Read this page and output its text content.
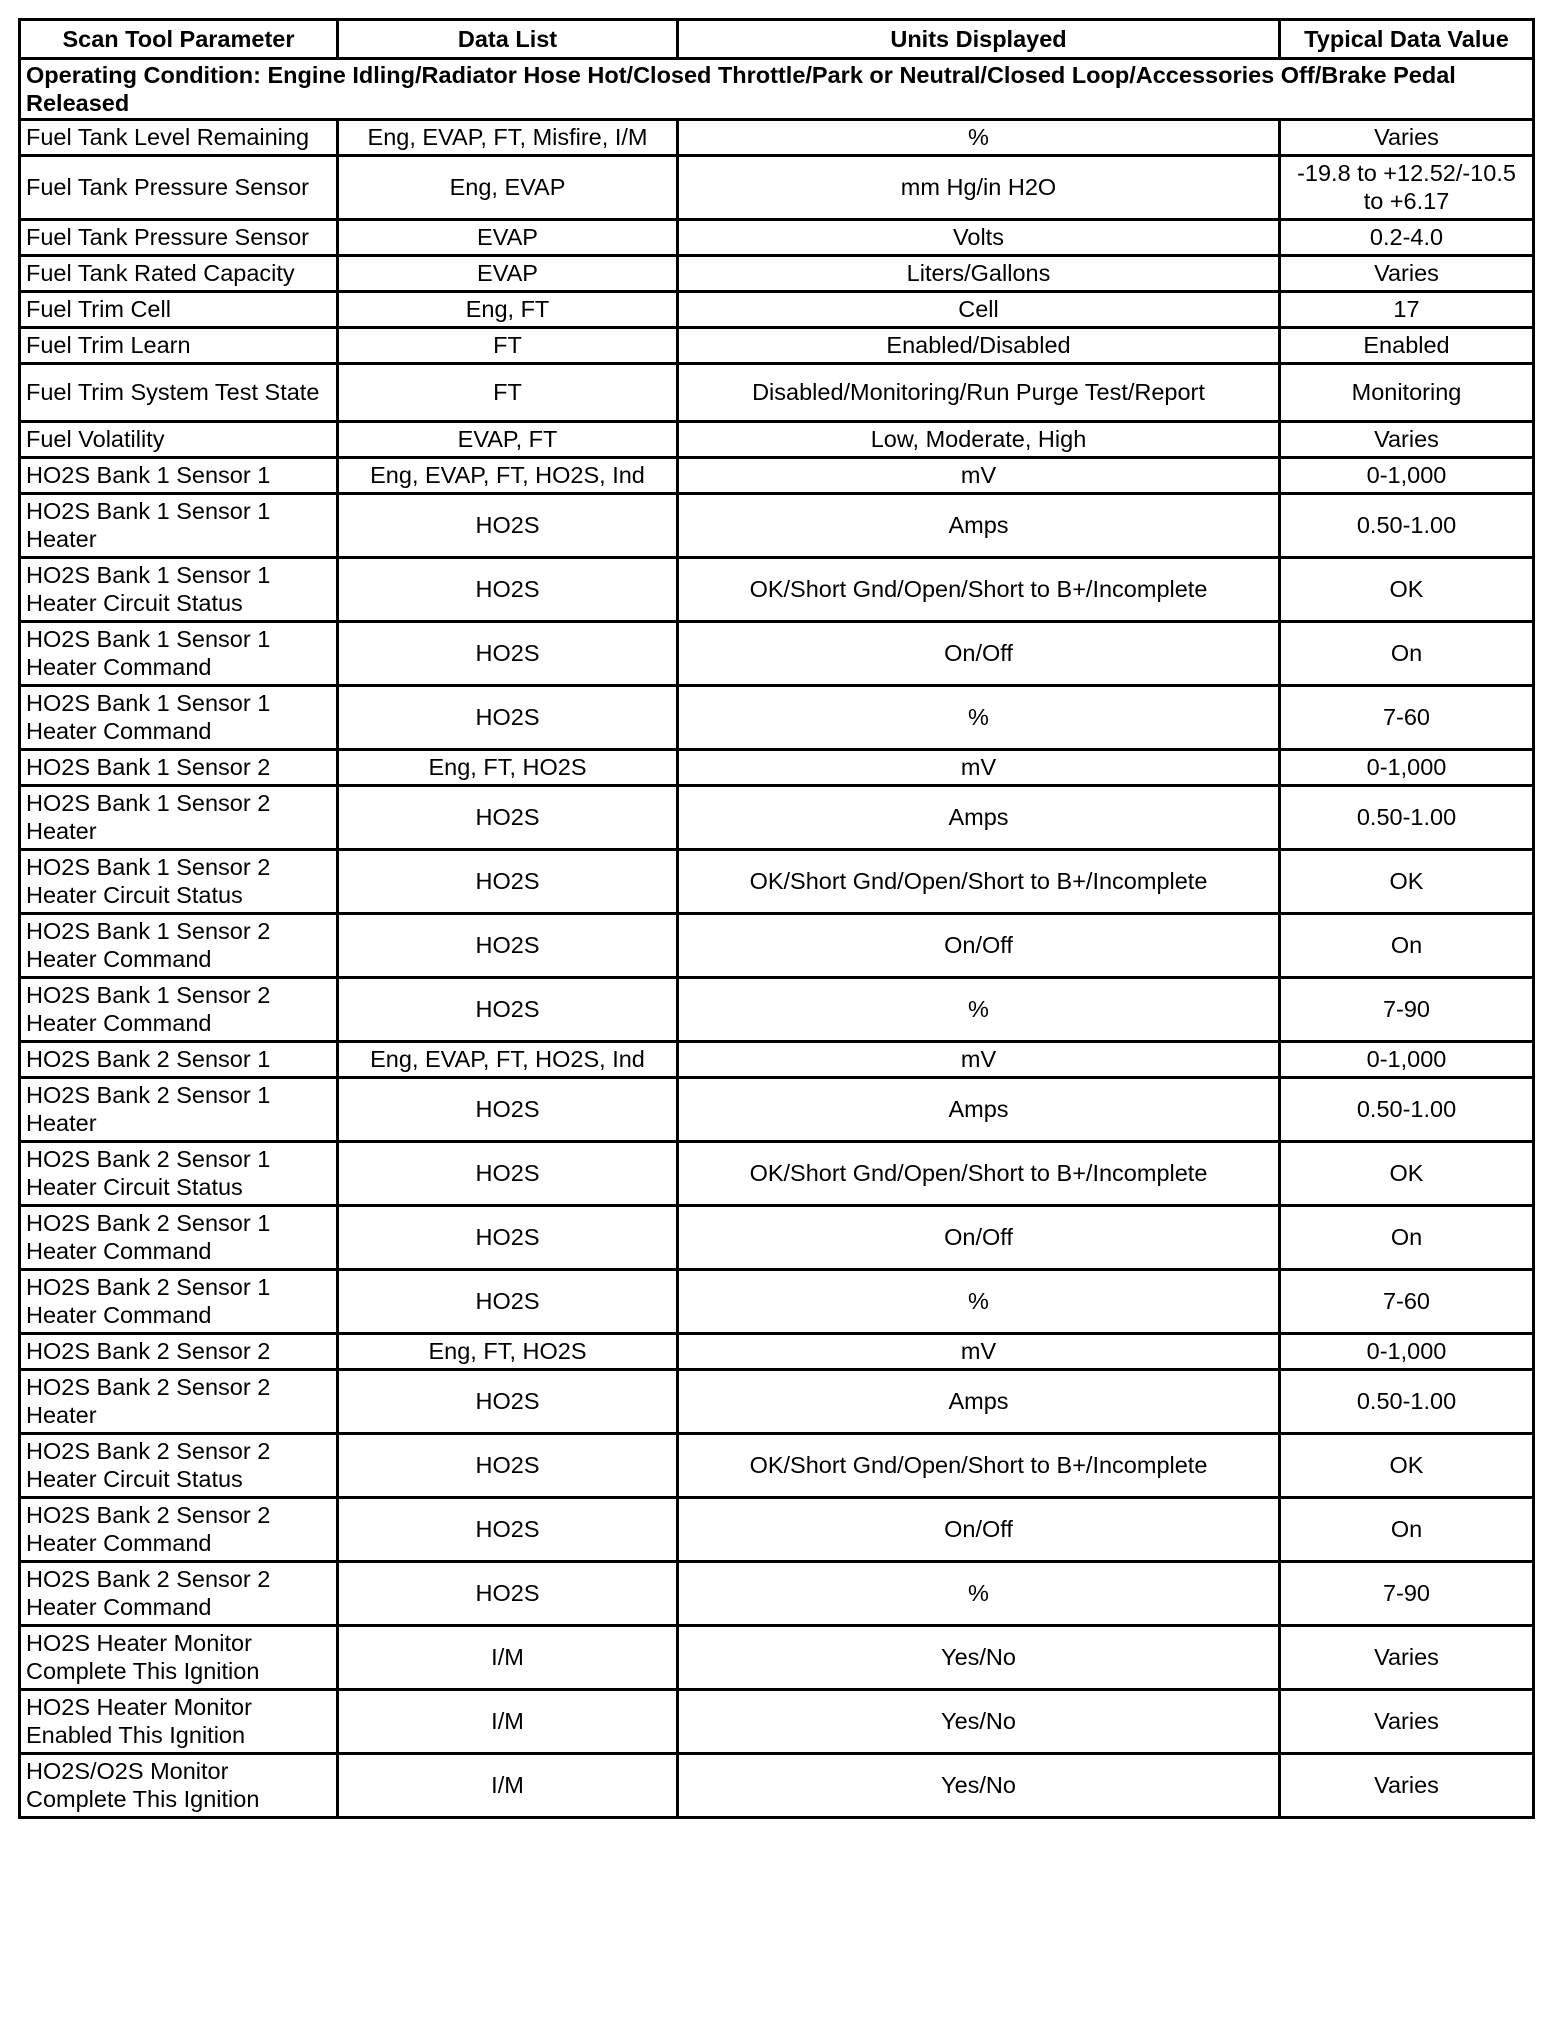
Scan Tool Parameter	Data List	Units Displayed	Typical Data Value
Operating Condition: Engine Idling/Radiator Hose Hot/Closed Throttle/Park or Neutral/Closed Loop/Accessories Off/Brake Pedal Released			
Fuel Tank Level Remaining	Eng, EVAP, FT, Misfire, I/M	%	Varies
Fuel Tank Pressure Sensor	Eng, EVAP	mm Hg/in H2O	-19.8 to +12.52/-10.5 to +6.17
Fuel Tank Pressure Sensor	EVAP	Volts	0.2-4.0
Fuel Tank Rated Capacity	EVAP	Liters/Gallons	Varies
Fuel Trim Cell	Eng, FT	Cell	17
Fuel Trim Learn	FT	Enabled/Disabled	Enabled
Fuel Trim System Test State	FT	Disabled/Monitoring/Run Purge Test/Report	Monitoring
Fuel Volatility	EVAP, FT	Low, Moderate, High	Varies
HO2S Bank 1 Sensor 1	Eng, EVAP, FT, HO2S, Ind	mV	0-1,000
HO2S Bank 1 Sensor 1 Heater	HO2S	Amps	0.50-1.00
HO2S Bank 1 Sensor 1 Heater Circuit Status	HO2S	OK/Short Gnd/Open/Short to B+/Incomplete	OK
HO2S Bank 1 Sensor 1 Heater Command	HO2S	On/Off	On
HO2S Bank 1 Sensor 1 Heater Command	HO2S	%	7-60
HO2S Bank 1 Sensor 2	Eng, FT, HO2S	mV	0-1,000
HO2S Bank 1 Sensor 2 Heater	HO2S	Amps	0.50-1.00
HO2S Bank 1 Sensor 2 Heater Circuit Status	HO2S	OK/Short Gnd/Open/Short to B+/Incomplete	OK
HO2S Bank 1 Sensor 2 Heater Command	HO2S	On/Off	On
HO2S Bank 1 Sensor 2 Heater Command	HO2S	%	7-90
HO2S Bank 2 Sensor 1	Eng, EVAP, FT, HO2S, Ind	mV	0-1,000
HO2S Bank 2 Sensor 1 Heater	HO2S	Amps	0.50-1.00
HO2S Bank 2 Sensor 1 Heater Circuit Status	HO2S	OK/Short Gnd/Open/Short to B+/Incomplete	OK
HO2S Bank 2 Sensor 1 Heater Command	HO2S	On/Off	On
HO2S Bank 2 Sensor 1 Heater Command	HO2S	%	7-60
HO2S Bank 2 Sensor 2	Eng, FT, HO2S	mV	0-1,000
HO2S Bank 2 Sensor 2 Heater	HO2S	Amps	0.50-1.00
HO2S Bank 2 Sensor 2 Heater Circuit Status	HO2S	OK/Short Gnd/Open/Short to B+/Incomplete	OK
HO2S Bank 2 Sensor 2 Heater Command	HO2S	On/Off	On
HO2S Bank 2 Sensor 2 Heater Command	HO2S	%	7-90
HO2S Heater Monitor Complete This Ignition	I/M	Yes/No	Varies
HO2S Heater Monitor Enabled This Ignition	I/M	Yes/No	Varies
HO2S/O2S Monitor Complete This Ignition	I/M	Yes/No	Varies
